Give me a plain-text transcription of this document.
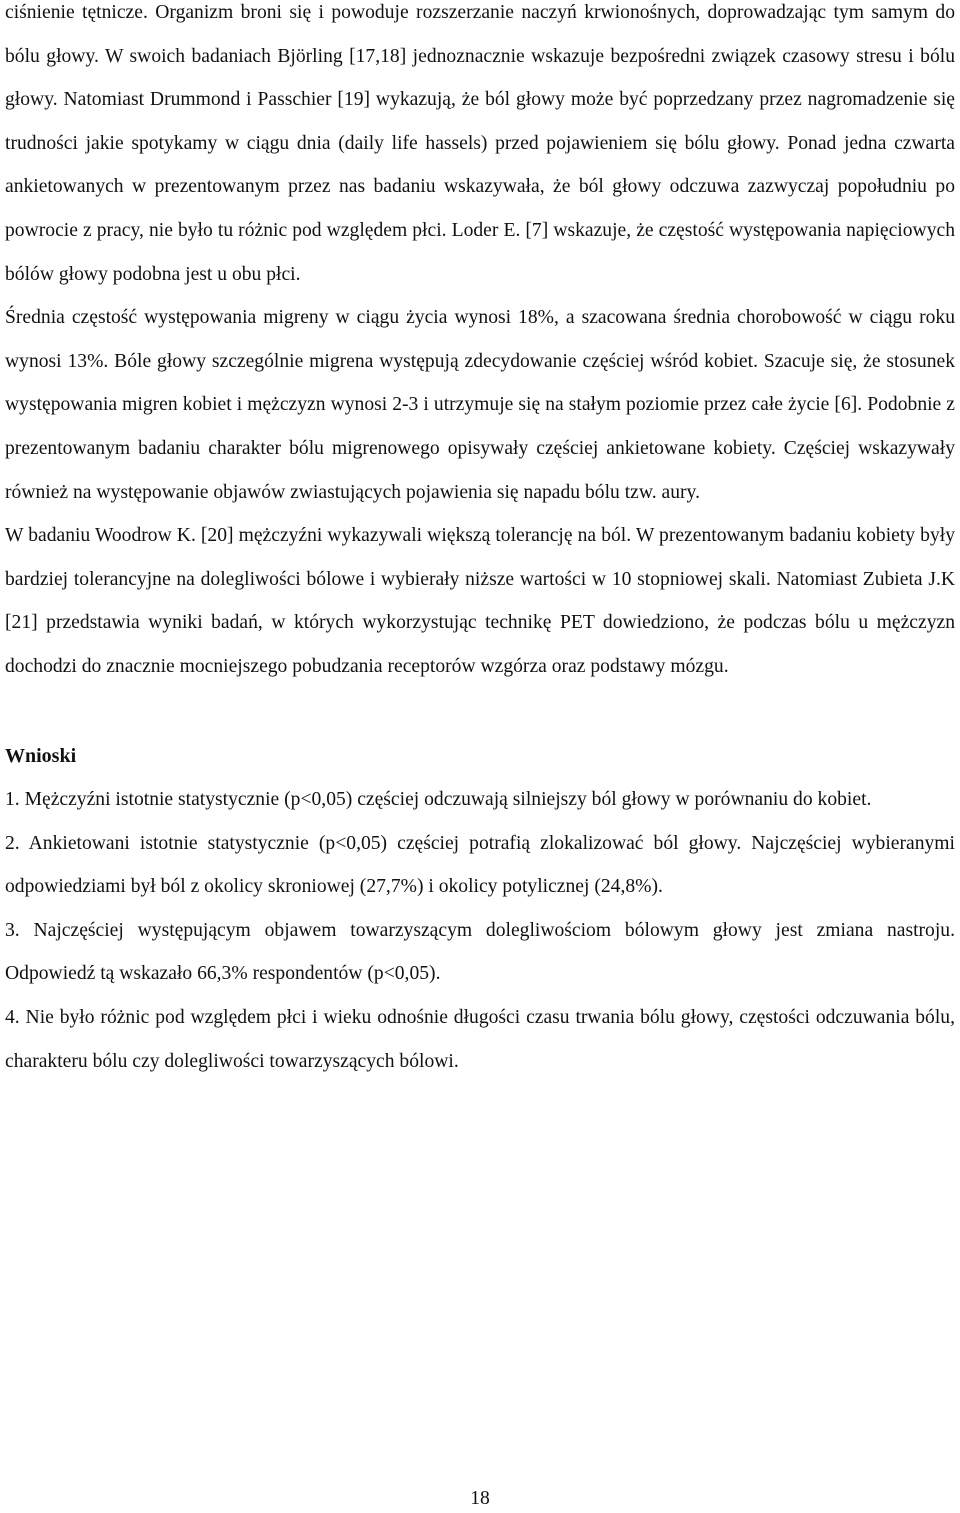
ciśnienie tętnicze. Organizm broni się i powoduje rozszerzanie naczyń krwionośnych, doprowadzając tym samym do bólu głowy. W swoich badaniach Björling [17,18] jednoznacznie wskazuje bezpośredni związek czasowy stresu i bólu głowy. Natomiast Drummond i Passchier [19] wykazują, że ból głowy może być poprzedzany przez nagromadzenie się trudności jakie spotykamy w ciągu dnia (daily life hassels) przed pojawieniem się bólu głowy. Ponad jedna czwarta ankietowanych w prezentowanym przez nas badaniu wskazywała, że ból głowy odczuwa zazwyczaj popołudniu po powrocie z pracy, nie było tu różnic pod względem płci. Loder E. [7] wskazuje, że częstość występowania napięciowych bólów głowy podobna jest u obu płci.

Średnia częstość występowania migreny w ciągu życia wynosi 18%, a szacowana średnia chorobowość w ciągu roku wynosi 13%. Bóle głowy szczególnie migrena występują zdecydowanie częściej wśród kobiet. Szacuje się, że stosunek występowania migren kobiet i mężczyzn wynosi 2-3 i utrzymuje się na stałym poziomie przez całe życie [6]. Podobnie z prezentowanym badaniu charakter bólu migrenowego opisywały częściej ankietowane kobiety. Częściej wskazywały również na występowanie objawów zwiastujących pojawienia się napadu bólu tzw. aury.

W badaniu Woodrow K. [20] mężczyźni wykazywali większą tolerancję na ból. W prezentowanym badaniu kobiety były bardziej tolerancyjne na dolegliwości bólowe i wybierały niższe wartości w 10 stopniowej skali. Natomiast Zubieta J.K [21] przedstawia wyniki badań, w których wykorzystując technikę PET dowiedziono, że podczas bólu u mężczyzn dochodzi do znacznie mocniejszego pobudzania receptorów wzgórza oraz podstawy mózgu.

Wnioski

1. Mężczyźni istotnie statystycznie (p<0,05) częściej odczuwają silniejszy ból głowy w porównaniu do kobiet.

2. Ankietowani istotnie statystycznie (p<0,05) częściej potrafią zlokalizować ból głowy. Najczęściej wybieranymi odpowiedziami był ból z okolicy skroniowej (27,7%) i okolicy potylicznej (24,8%).

3. Najczęściej występującym objawem towarzyszącym dolegliwościom bólowym głowy jest zmiana nastroju. Odpowiedź tą wskazało 66,3% respondentów (p<0,05).

4. Nie było różnic pod względem płci i wieku odnośnie długości czasu trwania bólu głowy, częstości odczuwania bólu, charakteru bólu czy dolegliwości towarzyszących bólowi.

18
